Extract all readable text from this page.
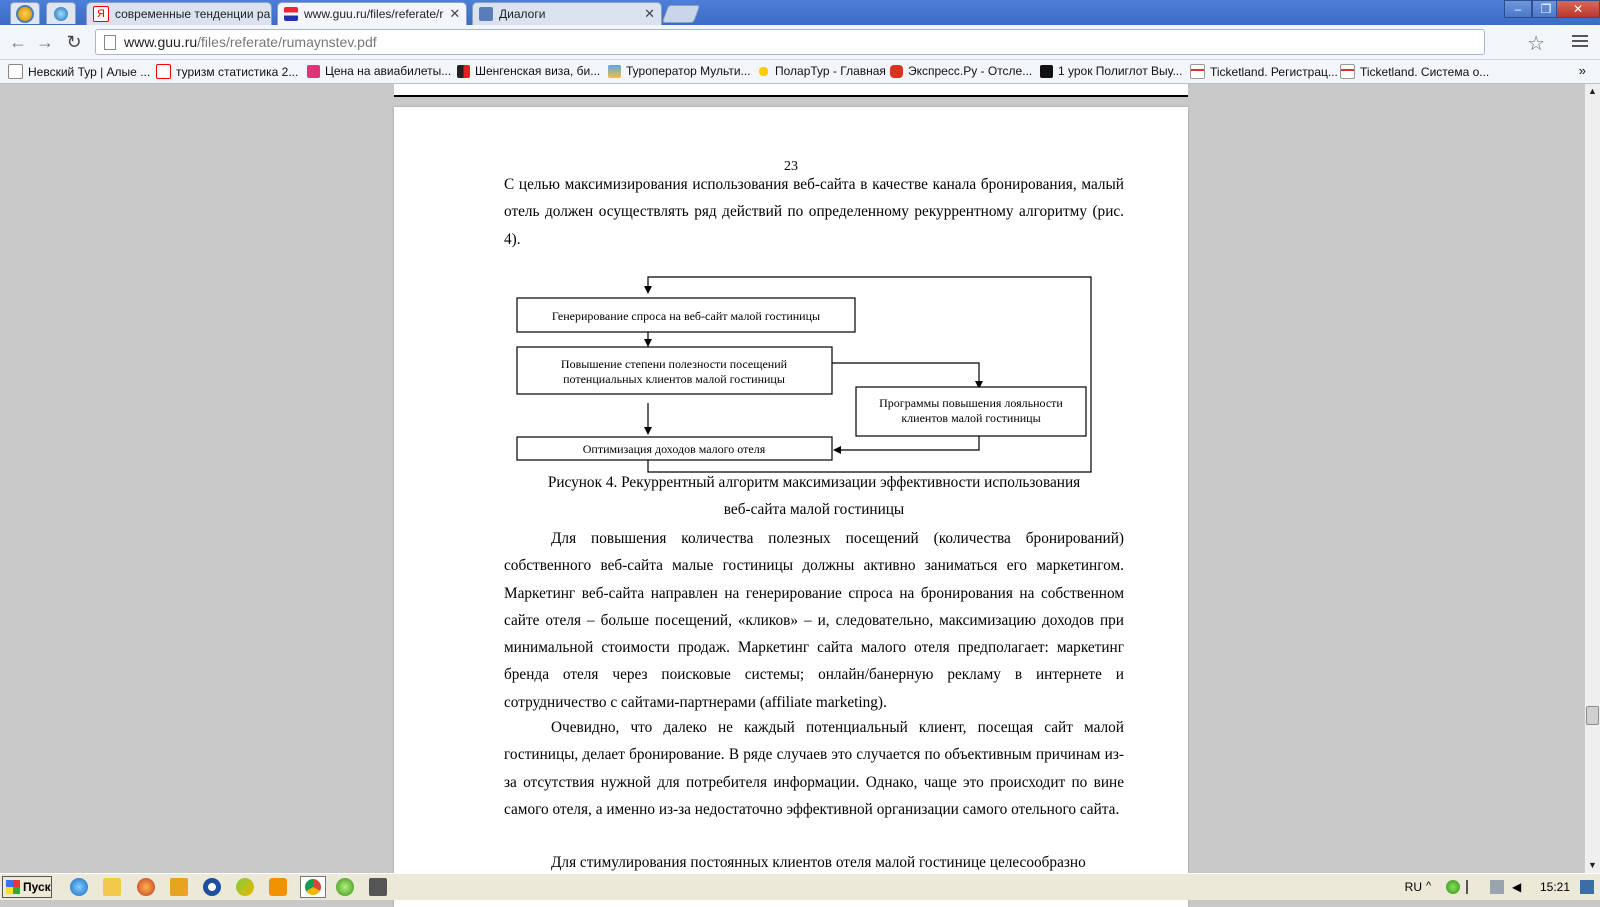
Я современные тенденции ра	www.guu.ru/files/referate/r ✕	Диалоги	✕	–	❐	✕
← → ↻	www.guu.ru/files/referate/rumaynstev.pdf	☆
Невский Тур | Алые ... туризм статистика 2... Цена на авиабилеты... Шенгенская виза, би... Туроператор Мульти... ПоларТур - Главная Экспресс.Ру - Отсле... 1 урок Полиглот Выу... Ticketland. Регистрац... Ticketland. Система о...	»
23
С целью максимизирования использования веб-сайта в качестве канала бронирования, малый отель должен осуществлять ряд действий по определенному рекуррентному алгоритму (рис. 4).
Генерирование спроса на веб-сайт малой гостиницы
Повышение степени полезности посещений
потенциальных клиентов малой гостиницы
Программы повышения лояльности
клиентов малой гостиницы
Оптимизация доходов малого отеля
Рисунок 4. Рекуррентный алгоритм максимизации эффективности использования
веб-сайта малой гостиницы
Для повышения количества полезных посещений (количества бронирований) собственного веб-сайта малые гостиницы должны активно заниматься его маркетингом. Маркетинг веб-сайта направлен на генерирование спроса на бронирования на собственном сайте отеля – больше посещений, «кликов» – и, следовательно, максимизацию доходов при минимальной стоимости продаж. Маркетинг сайта малого отеля предполагает: маркетинг бренда отеля через поисковые системы; онлайн/банерную рекламу в интернете и сотрудничество с сайтами-партнерами (affiliate marketing).
Очевидно, что далеко не каждый потенциальный клиент, посещая сайт малой гостиницы, делает бронирование. В ряде случаев это случается по объективным причинам из-за отсутствия нужной для потребителя информации. Однако, чаще это происходит по вине самого отеля, а именно из-за недостаточно эффективной организации самого отельного сайта.
Для стимулирования постоянных клиентов отеля малой гостинице целесообразно
▲
▼
Пуск	RU ^	◀	15:21
